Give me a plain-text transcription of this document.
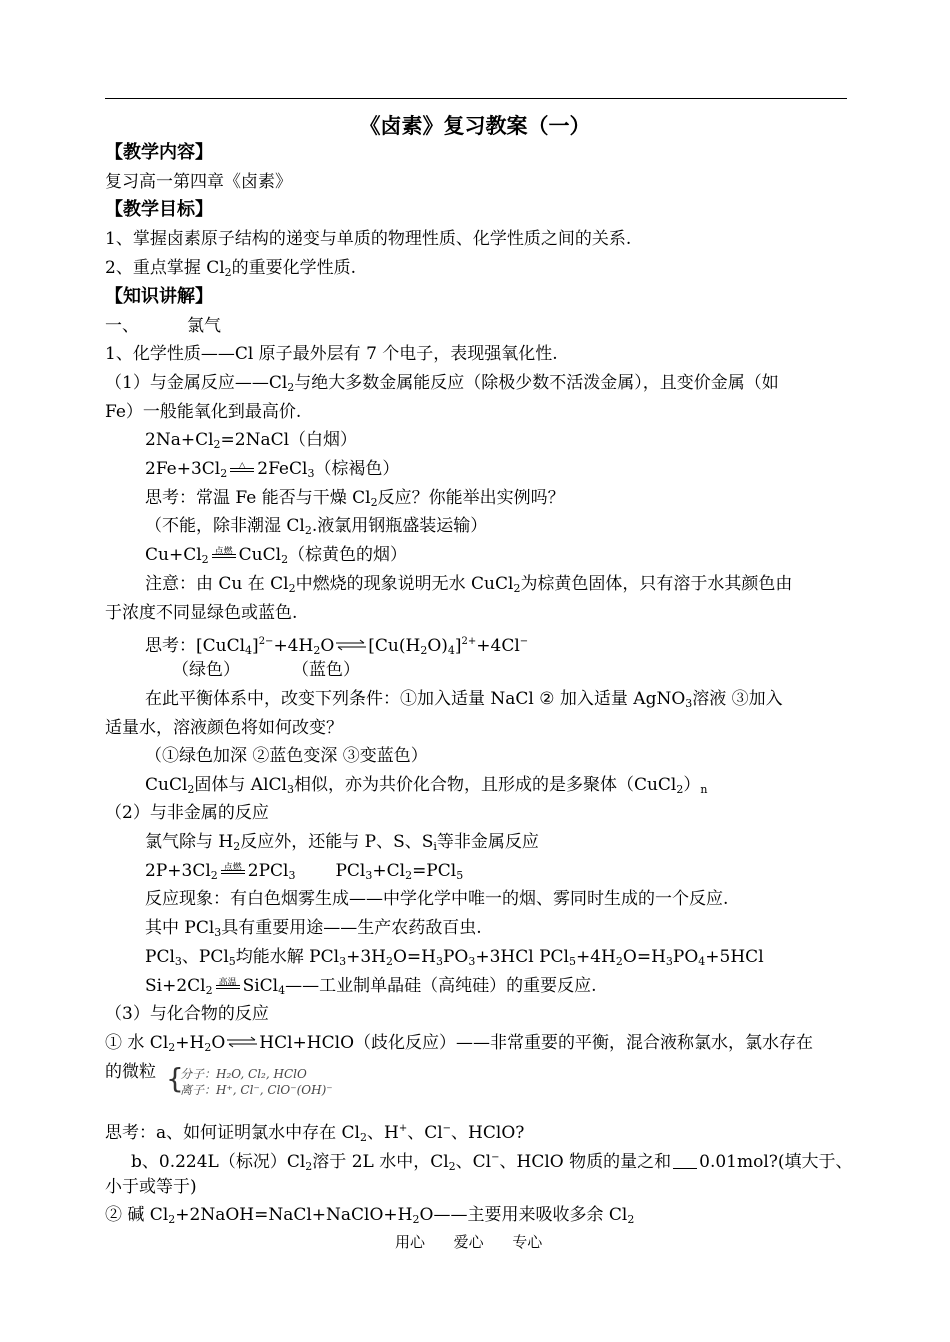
《卤素》复习教案（一）
【教学内容】
复习高一第四章《卤素》
【教学目标】
1、掌握卤素原子结构的递变与单质的物理性质、化学性质之间的关系.
2、重点掌握 $Cl_2$的重要化学性质.
【知识讲解】
一、	氯气
1、化学性质——Cl 原子最外层有 7 个电子，表现强氧化性.
（1）与金属反应$——Cl_2$与绝大多数金属能反应（除极少数不活泼金属），且变价金属（如
Fe）一般能氧化到最高价.
$2Na+Cl_2=2NaCl$（白烟）
$2Fe+3Cl_2$
△ 2FeCl$_3$（棕褐色）
思考：常温 Fe 能否与干燥 $Cl_2$反应？你能举出实例吗？
（不能，除非潮湿 $Cl_2$.液氯用钢瓶盛装运输）
$Cu+Cl_2$
点燃 CuCl$_2$（棕黄色的烟）
注意：由 Cu 在 $Cl_2$中燃烧的现象说明无水 CuCl$_2$为棕黄色固体，只有溶于水其颜色由
于浓度不同显绿色或蓝色.
思考：$[CuCl_4]^{2-}+4H_2O\rightleftharpoons[Cu(H_2O)_4]^{2+}+4Cl^-$
（绿色）	（蓝色）
在此平衡体系中，改变下列条件：①加入适量 NaCl ② 加入适量 AgNO$_3$溶液 ③加入
适量水，溶液颜色将如何改变？
（①绿色加深 ②蓝色变深 ③变蓝色）
CuCl$_2$固体与 AlCl$_3$相似，亦为共价化合物，且形成的是多聚体$(CuCl_2)_n$
（2）与非金属的反应
氯气除与 $H_2$反应外，还能与 P、S、$S_i$等非金属反应
$2P+3Cl_2$
点燃 2PCl$_3$ $PCl_3+Cl_2=PCl_5$
反应现象：有白色烟雾生成——中学化学中唯一的烟、雾同时生成的一个反应.
其中 PCl$_3$具有重要用途——生产农药敌百虫.
PCl$_3$、PCl$_5$均能水解 $PCl_3+3H_2O=H_3PO_3+3HCl$ $PCl_5+4H_2O=H_3PO_4+5HCl$
$Si+2Cl_2$
高温 SiCl$_4$——工业制单晶硅（高纯硅）的重要反应.
（3）与化合物的反应
① 水 $Cl_2+H_2O\rightleftharpoons HCl+HClO$（歧化反应）——非常重要的平衡，混合液称氯水，氯水存在
的微粒 {
分子：H₂O, Cl₂, HClO
离子：H⁺, Cl⁻, ClO⁻(OH)⁻
思考：a、如何证明氯水中存在 $Cl_2$、H+、Cl−、HClO?
b、0.224L（标况）$Cl_2$溶于 2L 水中，$Cl_2$、Cl−、HClO 物质的量之和 0.01mol?(填大于、
小于或等于)
② 碱 $Cl_2+2NaOH=NaCl+NaClO+H_2O——$主要用来吸收多余 $Cl_2$
用心      爱心      专心
